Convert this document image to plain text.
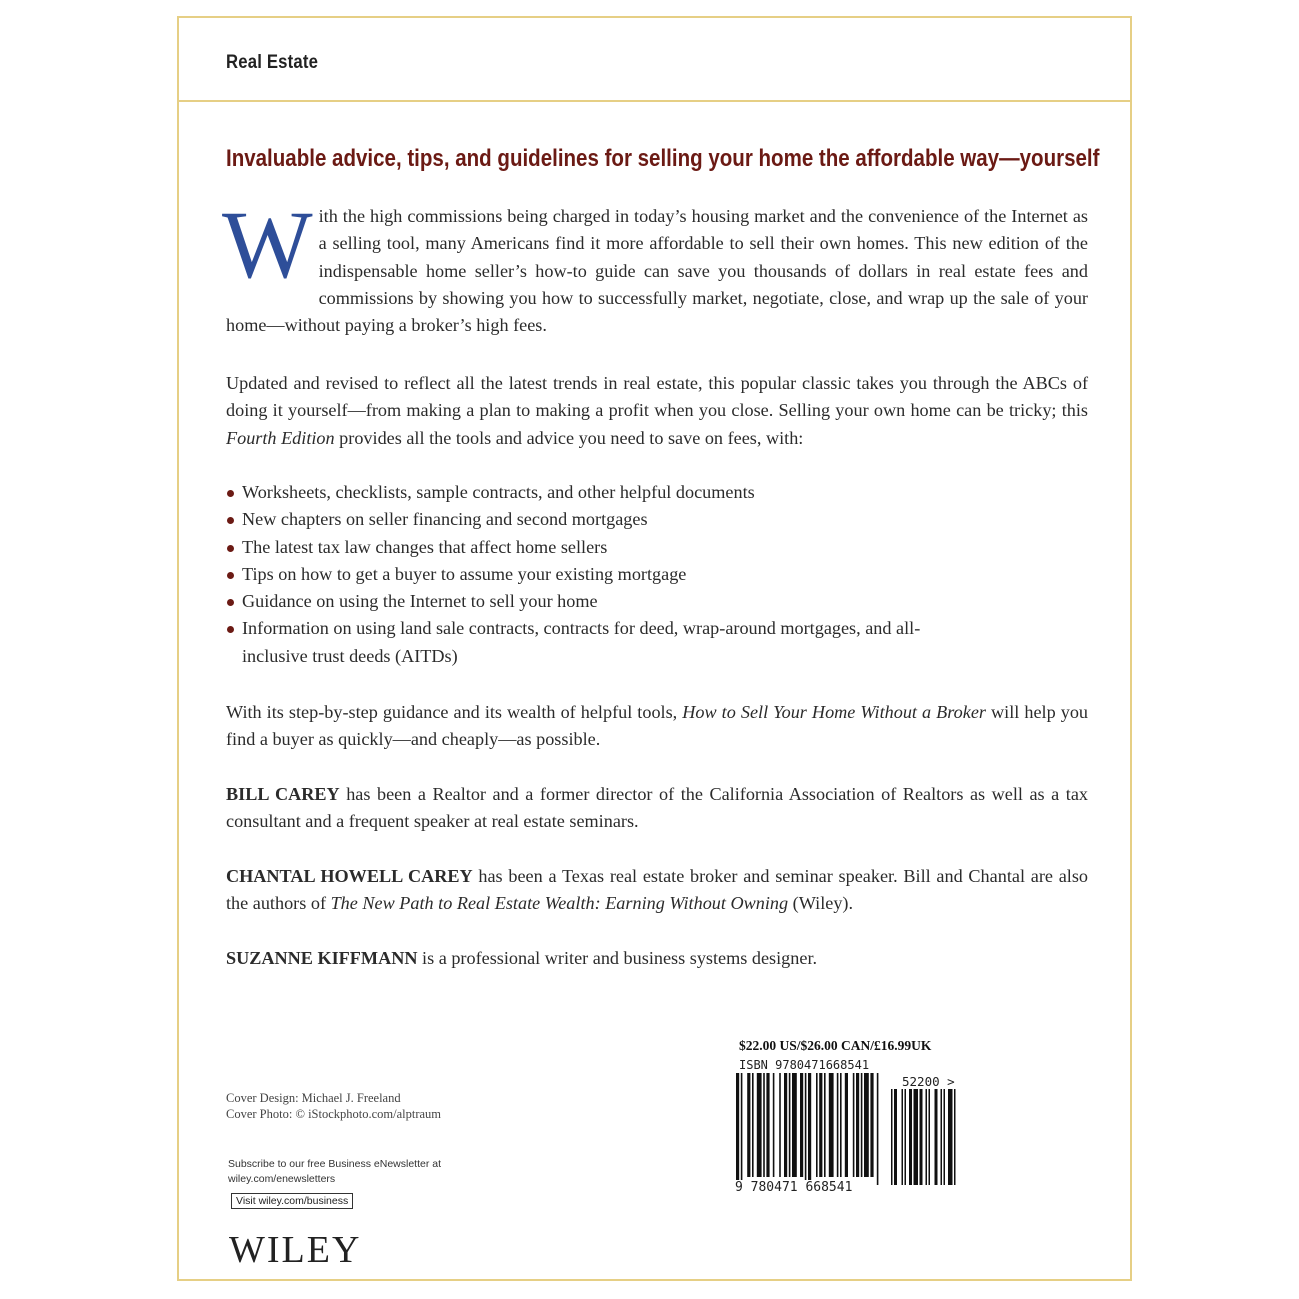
Real Estate
Invaluable advice, tips, and guidelines for selling your home the affordable way—yourself
With the high commissions being charged in today’s housing market and the convenience of the Internet as a selling tool, many Americans find it more affordable to sell their own homes. This new edition of the indispensable home seller’s how-to guide can save you thousands of dollars in real estate fees and commissions by showing you how to successfully market, negotiate, close, and wrap up the sale of your home—without paying a broker’s high fees.
Updated and revised to reflect all the latest trends in real estate, this popular classic takes you through the ABCs of doing it yourself—from making a plan to making a profit when you close. Selling your own home can be tricky; this Fourth Edition provides all the tools and advice you need to save on fees, with:
Worksheets, checklists, sample contracts, and other helpful documents
New chapters on seller financing and second mortgages
The latest tax law changes that affect home sellers
Tips on how to get a buyer to assume your existing mortgage
Guidance on using the Internet to sell your home
Information on using land sale contracts, contracts for deed, wrap-around mortgages, and all-inclusive trust deeds (AITDs)
With its step-by-step guidance and its wealth of helpful tools, How to Sell Your Home Without a Broker will help you find a buyer as quickly—and cheaply—as possible.
BILL CAREY has been a Realtor and a former director of the California Association of Realtors as well as a tax consultant and a frequent speaker at real estate seminars.
CHANTAL HOWELL CAREY has been a Texas real estate broker and seminar speaker. Bill and Chantal are also the authors of The New Path to Real Estate Wealth: Earning Without Owning (Wiley).
SUZANNE KIFFMANN is a professional writer and business systems designer.
$22.00 US/$26.00 CAN/£16.99UK
ISBN 9780471668541
52200 >
9 780471 668541
Cover Design: Michael J. Freeland
Cover Photo: © iStockphoto.com/alptraum
Subscribe to our free Business eNewsletter at
wiley.com/enewsletters
Visit wiley.com/business
WILEY
